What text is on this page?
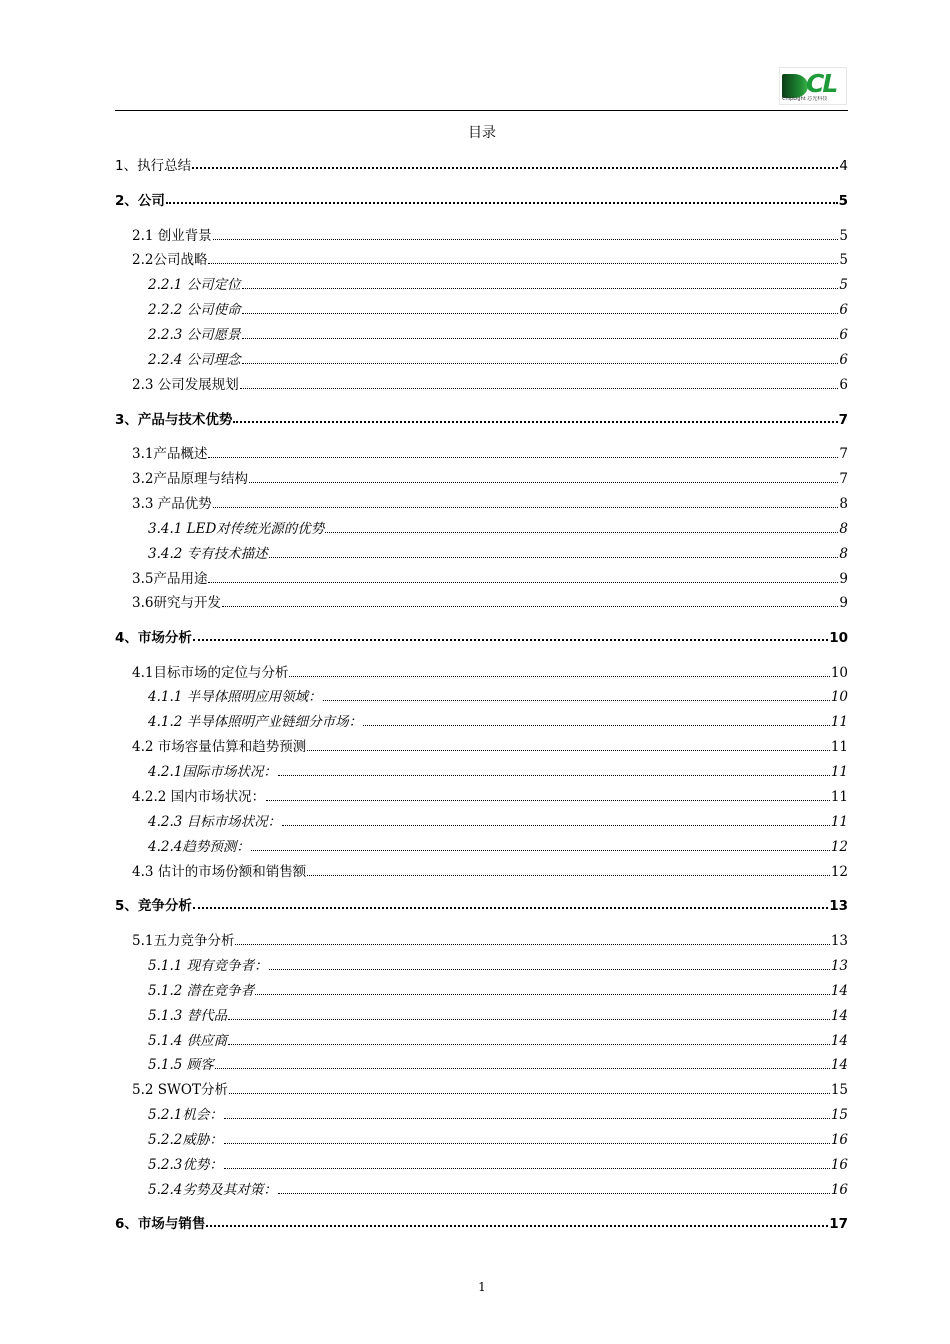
CL
ChipLight 芯光科技
目录
1、执行总结	4
2、公司	5
2.1 创业背景	5
2.2公司战略	5
2.2.1 公司定位	5
2.2.2 公司使命	6
2.2.3 公司愿景	6
2.2.4 公司理念	6
2.3 公司发展规划	6
3、产品与技术优势	7
3.1产品概述	7
3.2产品原理与结构	7
3.3 产品优势	8
3.4.1 LED对传统光源的优势	8
3.4.2 专有技术描述	8
3.5产品用途	9
3.6研究与开发	9
4、市场分析	10
4.1目标市场的定位与分析	10
4.1.1 半导体照明应用领域：	10
4.1.2 半导体照明产业链细分市场：	11
4.2 市场容量估算和趋势预测	11
4.2.1国际市场状况：	11
4.2.2 国内市场状况：	11
4.2.3 目标市场状况：	11
4.2.4趋势预测：	12
4.3 估计的市场份额和销售额	12
5、竞争分析	13
5.1五力竞争分析	13
5.1.1 现有竞争者：	13
5.1.2 潜在竞争者	14
5.1.3 替代品	14
5.1.4 供应商	14
5.1.5 顾客	14
5.2 SWOT分析	15
5.2.1机会：	15
5.2.2威胁：	16
5.2.3优势：	16
5.2.4劣势及其对策：	16
6、市场与销售	17
1
